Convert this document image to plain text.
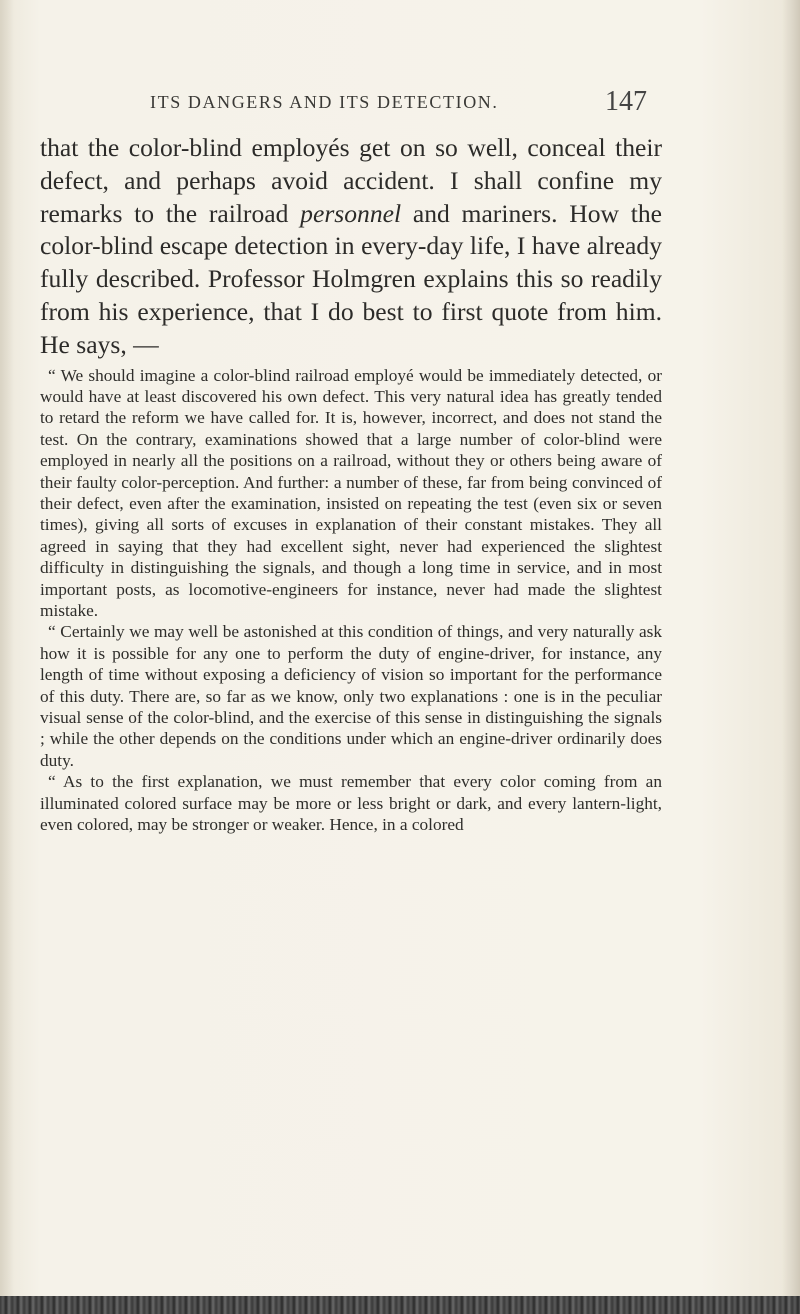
ITS DANGERS AND ITS DETECTION.	147

that the color-blind employés get on so well, conceal their defect, and perhaps avoid accident. I shall confine my remarks to the railroad personnel and mariners. How the color-blind escape detection in every-day life, I have already fully described. Professor Holmgren explains this so readily from his experience, that I do best to first quote from him. He says, —

“ We should imagine a color-blind railroad employé would be immediately detected, or would have at least discovered his own defect. This very natural idea has greatly tended to retard the reform we have called for. It is, however, incorrect, and does not stand the test. On the contrary, examinations showed that a large number of color-blind were employed in nearly all the positions on a railroad, without they or others being aware of their faulty color-perception. And further: a number of these, far from being convinced of their defect, even after the examination, insisted on repeating the test (even six or seven times), giving all sorts of excuses in explanation of their constant mistakes. They all agreed in saying that they had excellent sight, never had experienced the slightest difficulty in distinguishing the signals, and though a long time in service, and in most important posts, as locomotive-engineers for instance, never had made the slightest mistake.

“ Certainly we may well be astonished at this condition of things, and very naturally ask how it is possible for any one to perform the duty of engine-driver, for instance, any length of time without exposing a deficiency of vision so important for the performance of this duty. There are, so far as we know, only two explanations : one is in the peculiar visual sense of the color-blind, and the exercise of this sense in distinguishing the signals ; while the other depends on the conditions under which an engine-driver ordinarily does duty.

“ As to the first explanation, we must remember that every color coming from an illuminated colored surface may be more or less bright or dark, and every lantern-light, even colored, may be stronger or weaker. Hence, in a colored
